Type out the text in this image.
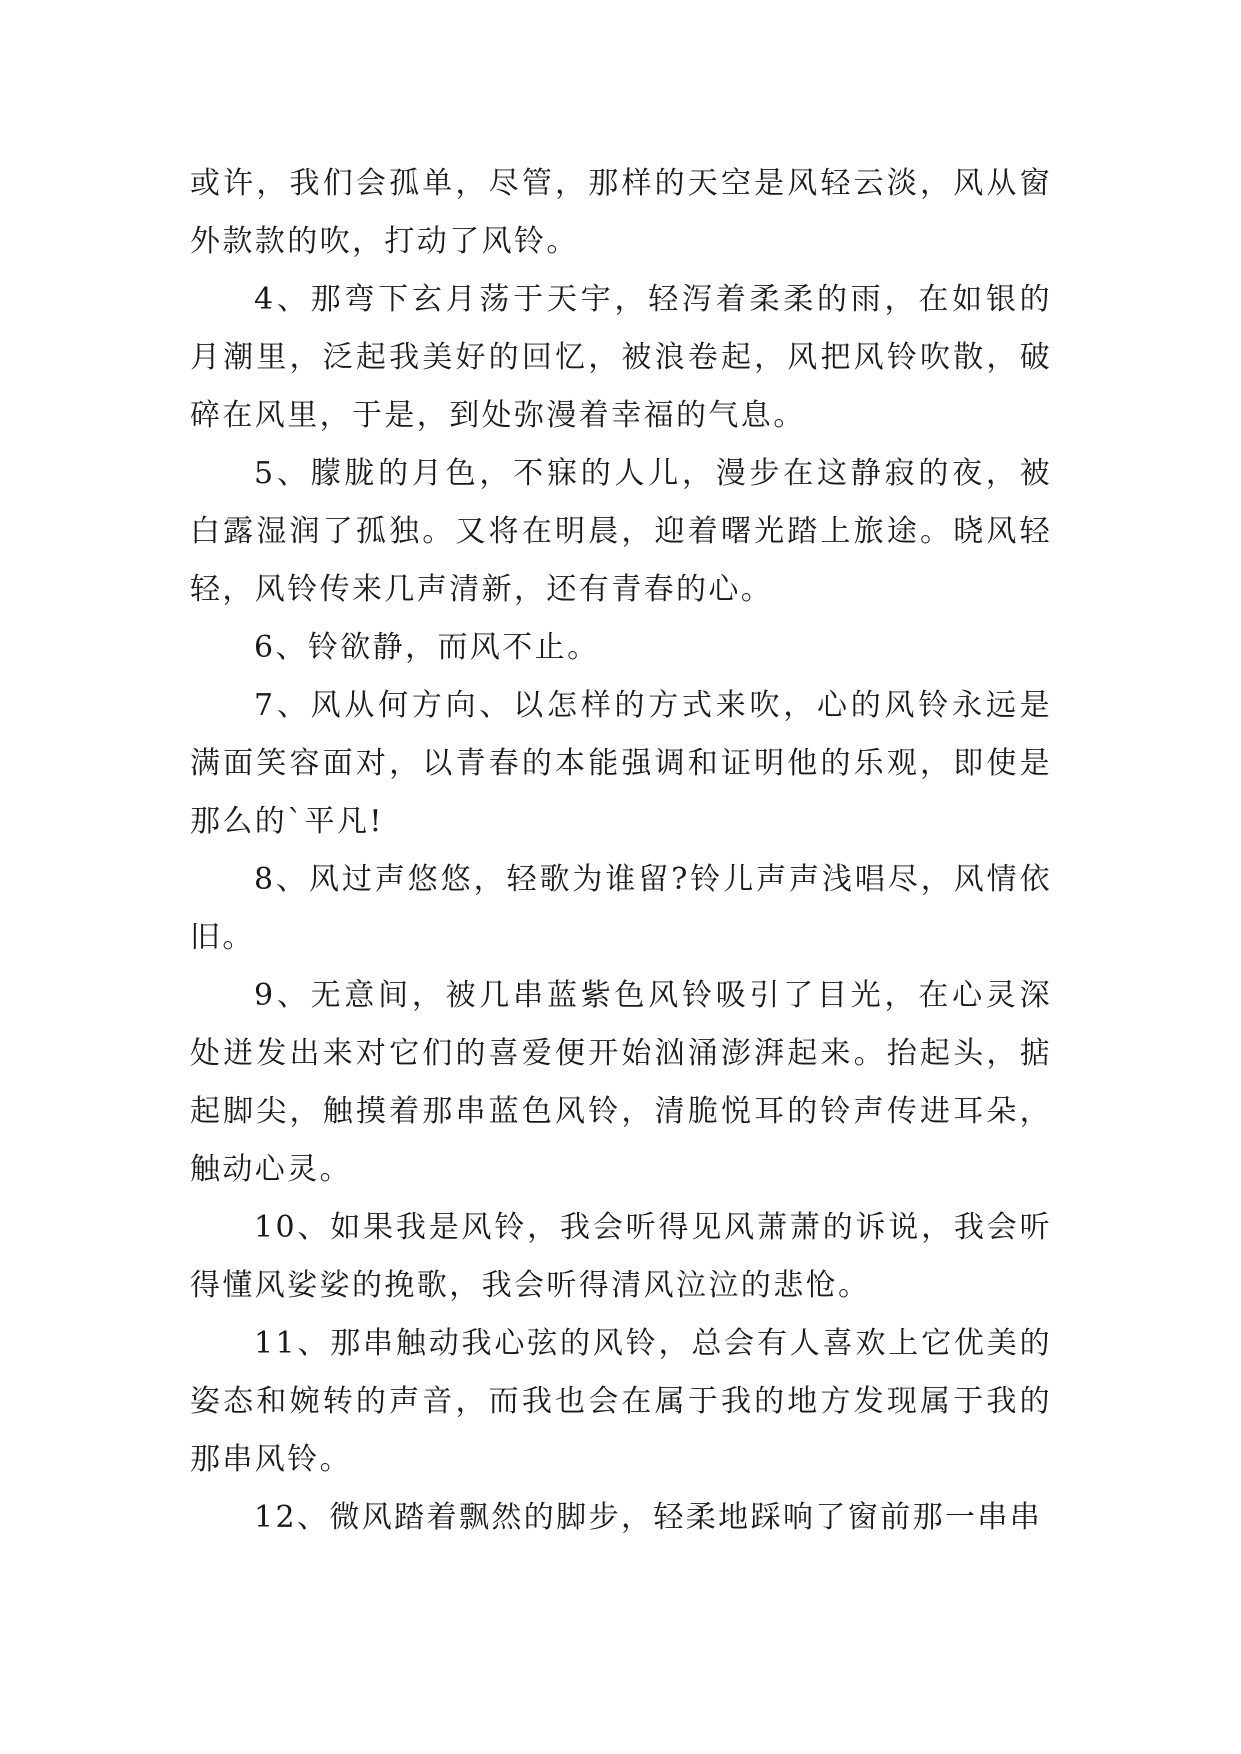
或许，我们会孤单，尽管，那样的天空是风轻云淡，风从窗外款款的吹，打动了风铃。

4、那弯下玄月荡于天宇，轻泻着柔柔的雨，在如银的月潮里，泛起我美好的回忆，被浪卷起，风把风铃吹散，破碎在风里，于是，到处弥漫着幸福的气息。

5、朦胧的月色，不寐的人儿，漫步在这静寂的夜，被白露湿润了孤独。又将在明晨，迎着曙光踏上旅途。晓风轻轻，风铃传来几声清新，还有青春的心。

6、铃欲静，而风不止。

7、风从何方向、以怎样的方式来吹，心的风铃永远是满面笑容面对，以青春的本能强调和证明他的乐观，即使是那么的`平凡!

8、风过声悠悠，轻歌为谁留?铃儿声声浅唱尽，风情依旧。

9、无意间，被几串蓝紫色风铃吸引了目光，在心灵深处迸发出来对它们的喜爱便开始汹涌澎湃起来。抬起头，掂起脚尖，触摸着那串蓝色风铃，清脆悦耳的铃声传进耳朵，触动心灵。

10、如果我是风铃，我会听得见风萧萧的诉说，我会听得懂风娑娑的挽歌，我会听得清风泣泣的悲怆。

11、那串触动我心弦的风铃，总会有人喜欢上它优美的姿态和婉转的声音，而我也会在属于我的地方发现属于我的那串风铃。

12、微风踏着飘然的脚步，轻柔地踩响了窗前那一串串
